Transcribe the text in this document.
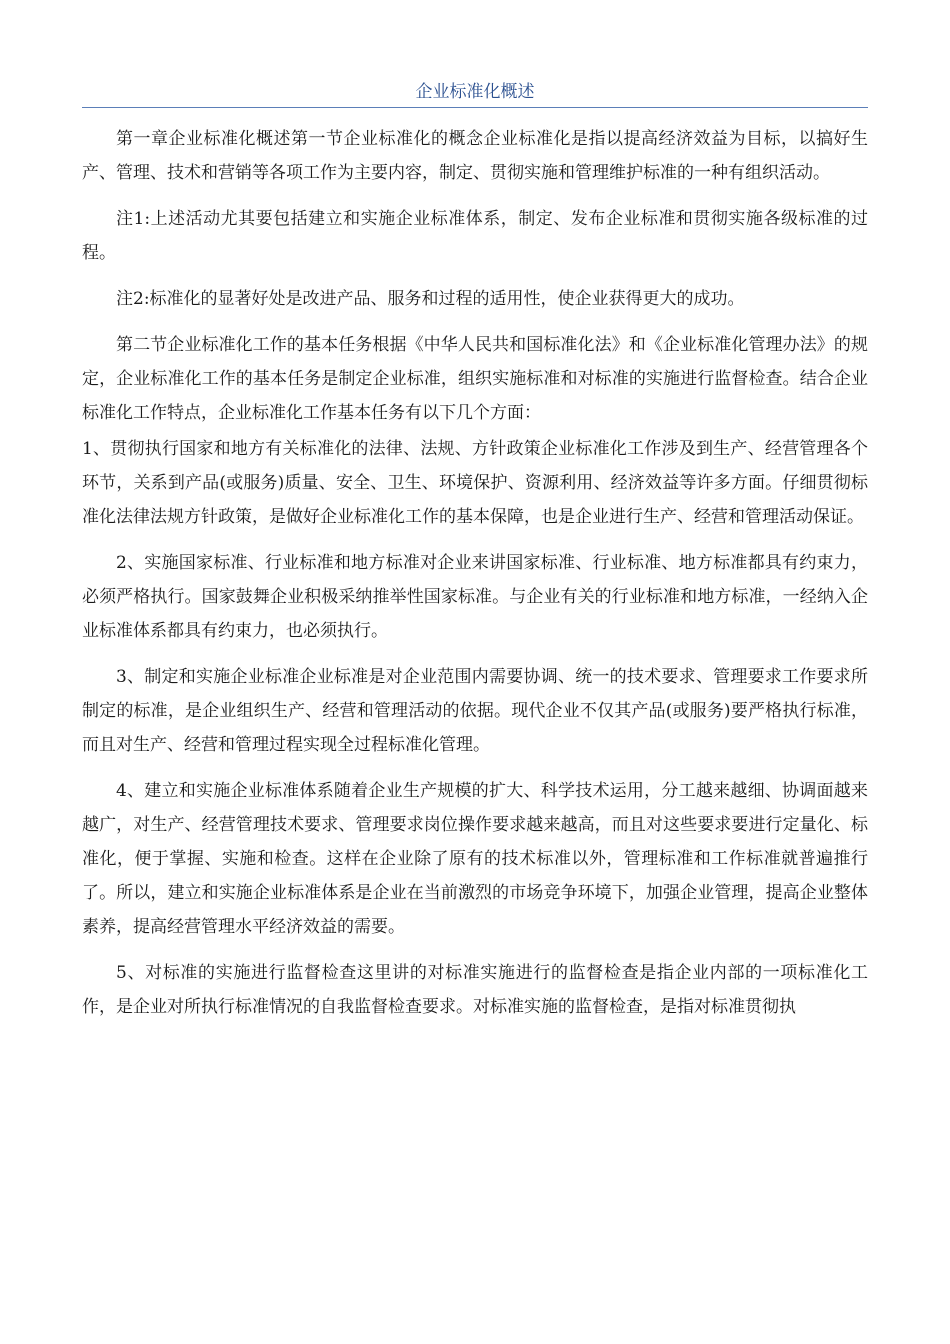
企业标准化概述

第一章企业标准化概述第一节企业标准化的概念企业标准化是指以提高经济效益为目标，以搞好生产、管理、技术和营销等各项工作为主要内容，制定、贯彻实施和管理维护标准的一种有组织活动。

注1:上述活动尤其要包括建立和实施企业标准体系，制定、发布企业标准和贯彻实施各级标准的过程。

注2:标准化的显著好处是改进产品、服务和过程的适用性，使企业获得更大的成功。

第二节企业标准化工作的基本任务根据《中华人民共和国标准化法》和《企业标准化管理办法》的规定，企业标准化工作的基本任务是制定企业标准，组织实施标准和对标准的实施进行监督检查。结合企业标准化工作特点，企业标准化工作基本任务有以下几个方面：

1、贯彻执行国家和地方有关标准化的法律、法规、方针政策企业标准化工作涉及到生产、经营管理各个环节，关系到产品(或服务)质量、安全、卫生、环境保护、资源利用、经济效益等许多方面。仔细贯彻标准化法律法规方针政策，是做好企业标准化工作的基本保障，也是企业进行生产、经营和管理活动保证。

2、实施国家标准、行业标准和地方标准对企业来讲国家标准、行业标准、地方标准都具有约束力，必须严格执行。国家鼓舞企业积极采纳推举性国家标准。与企业有关的行业标准和地方标准，一经纳入企业标准体系都具有约束力，也必须执行。

3、制定和实施企业标准企业标准是对企业范围内需要协调、统一的技术要求、管理要求工作要求所制定的标准，是企业组织生产、经营和管理活动的依据。现代企业不仅其产品(或服务)要严格执行标准，而且对生产、经营和管理过程实现全过程标准化管理。

4、建立和实施企业标准体系随着企业生产规模的扩大、科学技术运用，分工越来越细、协调面越来越广，对生产、经营管理技术要求、管理要求岗位操作要求越来越高，而且对这些要求要进行定量化、标准化，便于掌握、实施和检查。这样在企业除了原有的技术标准以外，管理标准和工作标准就普遍推行了。所以，建立和实施企业标准体系是企业在当前激烈的市场竞争环境下，加强企业管理，提高企业整体素养，提高经营管理水平经济效益的需要。

5、对标准的实施进行监督检查这里讲的对标准实施进行的监督检查是指企业内部的一项标准化工作，是企业对所执行标准情况的自我监督检查要求。对标准实施的监督检查，是指对标准贯彻执
